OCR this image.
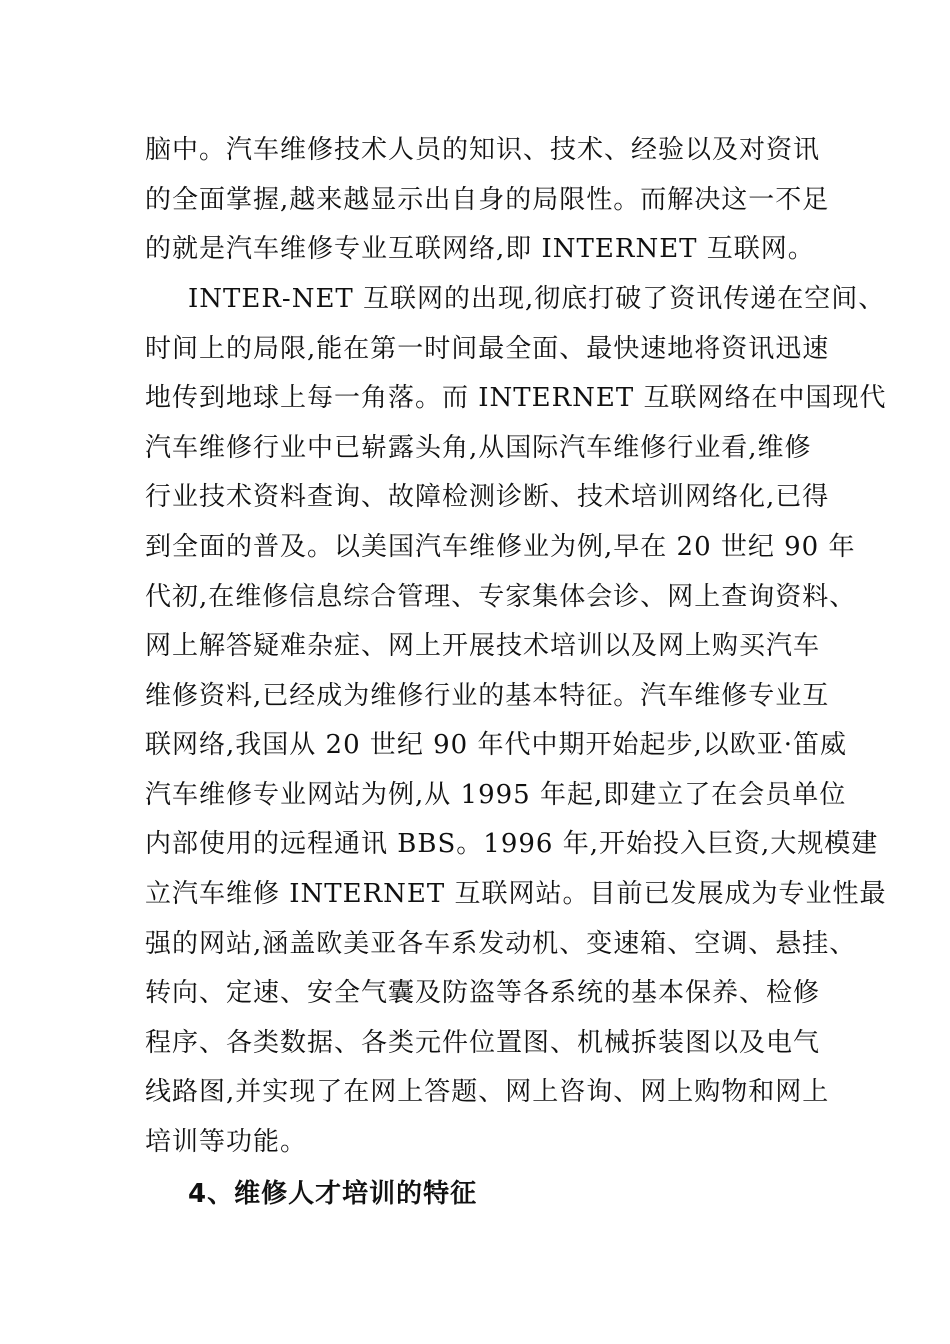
脑中。汽车维修技术人员的知识、技术、经验以及对资讯
的全面掌握,越来越显示出自身的局限性。而解决这一不足
的就是汽车维修专业互联网络,即 INTERNET 互联网。
INTER-NET 互联网的出现,彻底打破了资讯传递在空间、
时间上的局限,能在第一时间最全面、最快速地将资讯迅速
地传到地球上每一角落。而 INTERNET 互联网络在中国现代
汽车维修行业中已崭露头角,从国际汽车维修行业看,维修
行业技术资料查询、故障检测诊断、技术培训网络化,已得
到全面的普及。以美国汽车维修业为例,早在 20 世纪 90 年
代初,在维修信息综合管理、专家集体会诊、网上查询资料、
网上解答疑难杂症、网上开展技术培训以及网上购买汽车
维修资料,已经成为维修行业的基本特征。汽车维修专业互
联网络,我国从 20 世纪 90 年代中期开始起步,以欧亚·笛威
汽车维修专业网站为例,从 1995 年起,即建立了在会员单位
内部使用的远程通讯 BBS。1996 年,开始投入巨资,大规模建
立汽车维修 INTERNET 互联网站。目前已发展成为专业性最
强的网站,涵盖欧美亚各车系发动机、变速箱、空调、悬挂、
转向、定速、安全气囊及防盗等各系统的基本保养、检修
程序、各类数据、各类元件位置图、机械拆装图以及电气
线路图,并实现了在网上答题、网上咨询、网上购物和网上
培训等功能。
4、维修人才培训的特征
